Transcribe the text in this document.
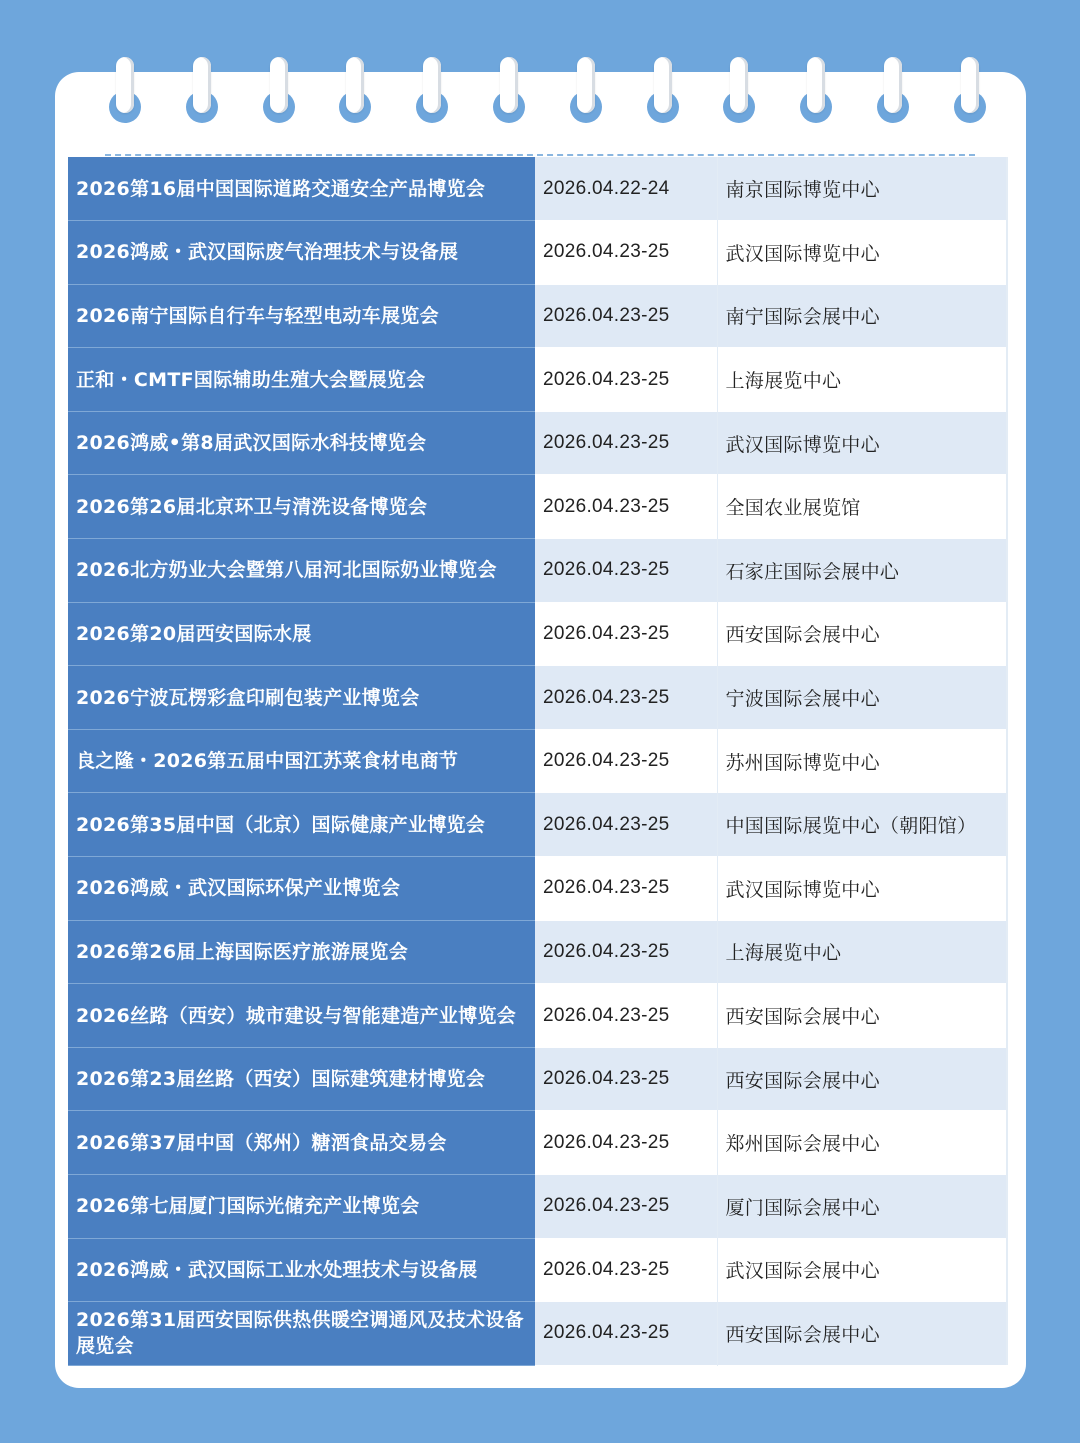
2026第16届中国国际道路交通安全产品博览会	2026.04.22-24	南京国际博览中心
2026鸿威・武汉国际废气治理技术与设备展	2026.04.23-25	武汉国际博览中心
2026南宁国际自行车与轻型电动车展览会	2026.04.23-25	南宁国际会展中心
正和・CMTF国际辅助生殖大会暨展览会	2026.04.23-25	上海展览中心
2026鸿威•第8届武汉国际水科技博览会	2026.04.23-25	武汉国际博览中心
2026第26届北京环卫与清洗设备博览会	2026.04.23-25	全国农业展览馆
2026北方奶业大会暨第八届河北国际奶业博览会	2026.04.23-25	石家庄国际会展中心
2026第20届西安国际水展	2026.04.23-25	西安国际会展中心
2026宁波瓦楞彩盒印刷包装产业博览会	2026.04.23-25	宁波国际会展中心
良之隆・2026第五届中国江苏菜食材电商节	2026.04.23-25	苏州国际博览中心
2026第35届中国（北京）国际健康产业博览会	2026.04.23-25	中国国际展览中心（朝阳馆）
2026鸿威・武汉国际环保产业博览会	2026.04.23-25	武汉国际博览中心
2026第26届上海国际医疗旅游展览会	2026.04.23-25	上海展览中心
2026丝路（西安）城市建设与智能建造产业博览会	2026.04.23-25	西安国际会展中心
2026第23届丝路（西安）国际建筑建材博览会	2026.04.23-25	西安国际会展中心
2026第37届中国（郑州）糖酒食品交易会	2026.04.23-25	郑州国际会展中心
2026第七届厦门国际光储充产业博览会	2026.04.23-25	厦门国际会展中心
2026鸿威・武汉国际工业水处理技术与设备展	2026.04.23-25	武汉国际会展中心
2026第31届西安国际供热供暖空调通风及技术设备展览会	2026.04.23-25	西安国际会展中心
